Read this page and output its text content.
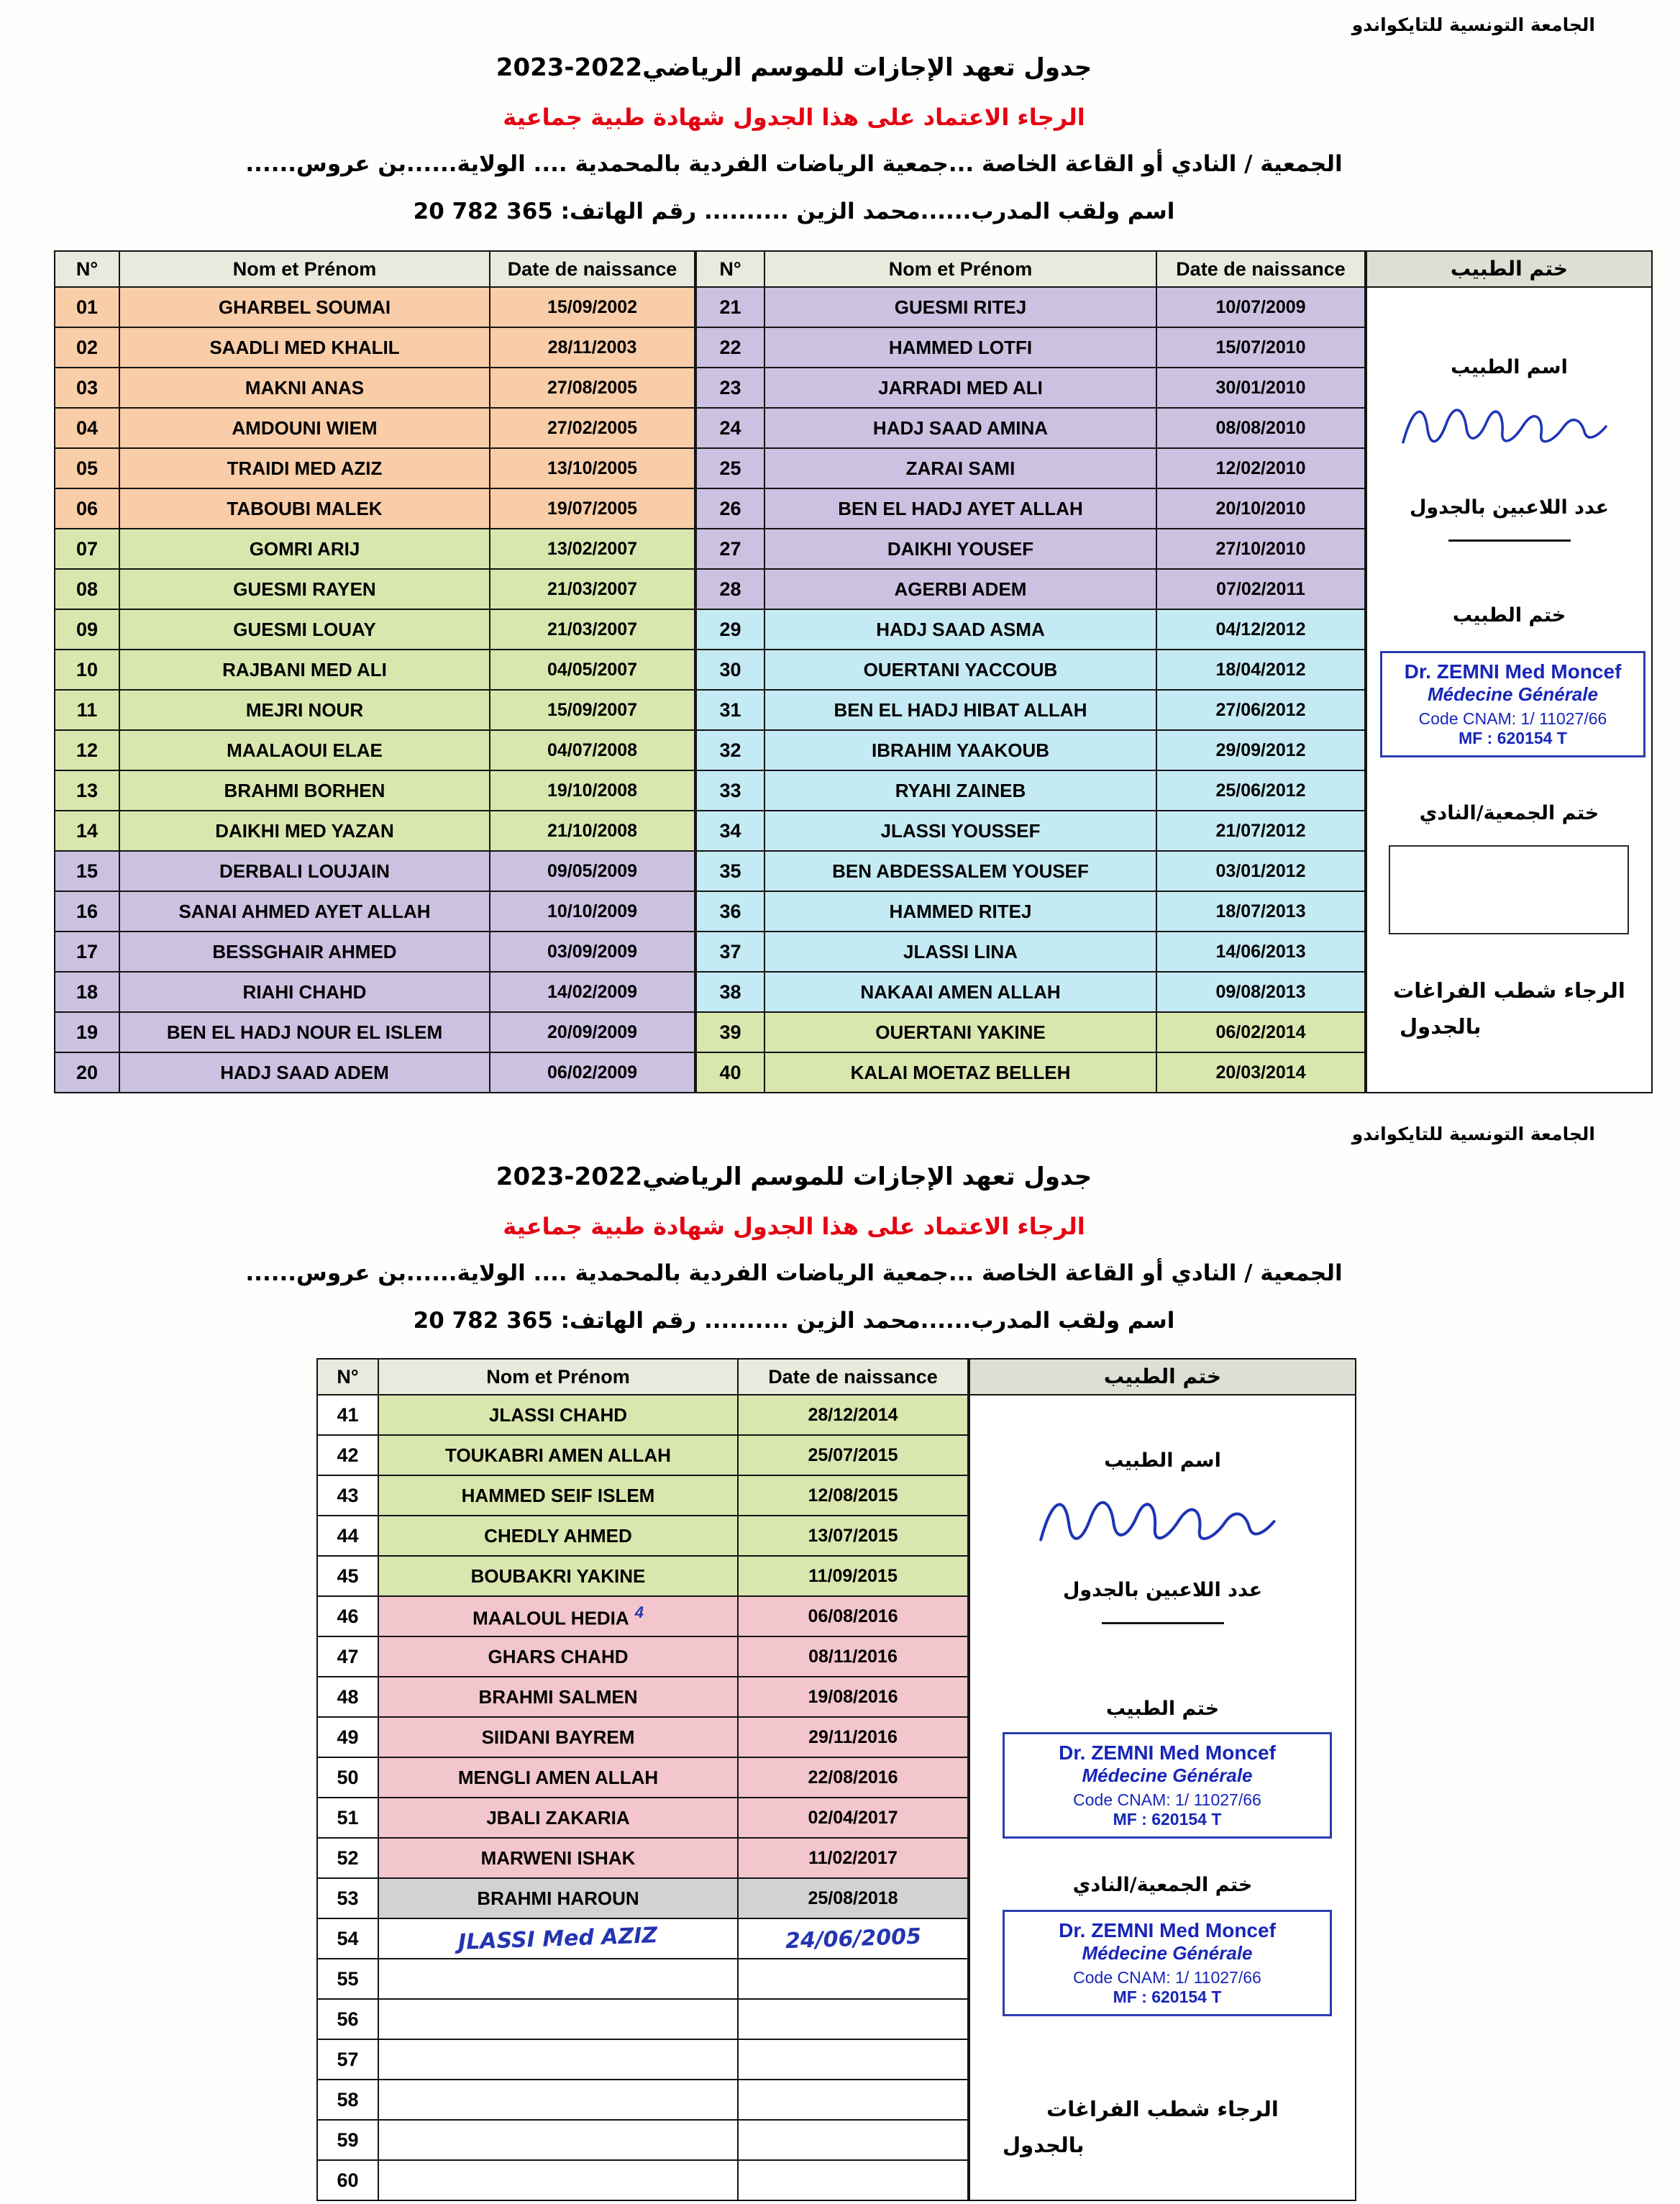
الجامعة التونسية للتايكواندو
جدول تعهد الإجازات للموسم الرياضي2022-2023
الرجاء الاعتماد على هذا الجدول شهادة طبية جماعية
الجمعية / النادي أو القاعة الخاصة ...جمعية الرياضات الفردية بالمحمدية .... الولاية......بن عروس......
اسم ولقب المدرب......محمد الزين .......... رقم الهاتف: 365 782 20
N°	Nom et Prénom	Date de naissance
01	GHARBEL SOUMAI	15/09/2002
02	SAADLI MED KHALIL	28/11/2003
03	MAKNI ANAS	27/08/2005
04	AMDOUNI WIEM	27/02/2005
05	TRAIDI MED AZIZ	13/10/2005
06	TABOUBI MALEK	19/07/2005
07	GOMRI ARIJ	13/02/2007
08	GUESMI RAYEN	21/03/2007
09	GUESMI LOUAY	21/03/2007
10	RAJBANI MED ALI	04/05/2007
11	MEJRI NOUR	15/09/2007
12	MAALAOUI ELAE	04/07/2008
13	BRAHMI BORHEN	19/10/2008
14	DAIKHI MED YAZAN	21/10/2008
15	DERBALI LOUJAIN	09/05/2009
16	SANAI AHMED AYET ALLAH	10/10/2009
17	BESSGHAIR AHMED	03/09/2009
18	RIAHI CHAHD	14/02/2009
19	BEN EL HADJ NOUR EL ISLEM	20/09/2009
20	HADJ SAAD ADEM	06/02/2009
N°	Nom et Prénom	Date de naissance
21	GUESMI RITEJ	10/07/2009
22	HAMMED LOTFI	15/07/2010
23	JARRADI MED ALI	30/01/2010
24	HADJ SAAD AMINA	08/08/2010
25	ZARAI SAMI	12/02/2010
26	BEN EL HADJ AYET ALLAH	20/10/2010
27	DAIKHI YOUSEF	27/10/2010
28	AGERBI ADEM	07/02/2011
29	HADJ SAAD ASMA	04/12/2012
30	OUERTANI YACCOUB	18/04/2012
31	BEN EL HADJ HIBAT ALLAH	27/06/2012
32	IBRAHIM YAAKOUB	29/09/2012
33	RYAHI ZAINEB	25/06/2012
34	JLASSI YOUSSEF	21/07/2012
35	BEN ABDESSALEM YOUSEF	03/01/2012
36	HAMMED RITEJ	18/07/2013
37	JLASSI LINA	14/06/2013
38	NAKAAI AMEN ALLAH	09/08/2013
39	OUERTANI YAKINE	06/02/2014
40	KALAI MOETAZ BELLEH	20/03/2014
ختم الطبيب
اسم الطبيب
عدد اللاعبين بالجدول
ختم الطبيب
Dr. ZEMNI Med Moncef
Médecine Générale
Code CNAM: 1/ 11027/66
MF : 620154 T
ختم الجمعية/النادي
الرجاء شطب الفراغات
بالجدول
الجامعة التونسية للتايكواندو
جدول تعهد الإجازات للموسم الرياضي2022-2023
الرجاء الاعتماد على هذا الجدول شهادة طبية جماعية
الجمعية / النادي أو القاعة الخاصة ...جمعية الرياضات الفردية بالمحمدية .... الولاية......بن عروس......
اسم ولقب المدرب......محمد الزين .......... رقم الهاتف: 365 782 20
N°	Nom et Prénom	Date de naissance
41	JLASSI CHAHD	28/12/2014
42	TOUKABRI AMEN ALLAH	25/07/2015
43	HAMMED SEIF ISLEM	12/08/2015
44	CHEDLY AHMED	13/07/2015
45	BOUBAKRI YAKINE	11/09/2015
46	MAALOUL HEDIA $^4$	06/08/2016
47	GHARS CHAHD	08/11/2016
48	BRAHMI SALMEN	19/08/2016
49	SIIDANI BAYREM	29/11/2016
50	MENGLI AMEN ALLAH	22/08/2016
51	JBALI ZAKARIA	02/04/2017
52	MARWENI ISHAK	11/02/2017
53	BRAHMI HAROUN	25/08/2018
54	JLASSI Med AZIZ	24/06/2005
55		
56		
57		
58		
59		
60		
ختم الطبيب
اسم الطبيب
عدد اللاعبين بالجدول
ختم الطبيب
Dr. ZEMNI Med Moncef
Médecine Générale
Code CNAM: 1/ 11027/66
MF : 620154 T
ختم الجمعية/النادي
Dr. ZEMNI Med Moncef
Médecine Générale
Code CNAM: 1/ 11027/66
MF : 620154 T
الرجاء شطب الفراغات
بالجدول
